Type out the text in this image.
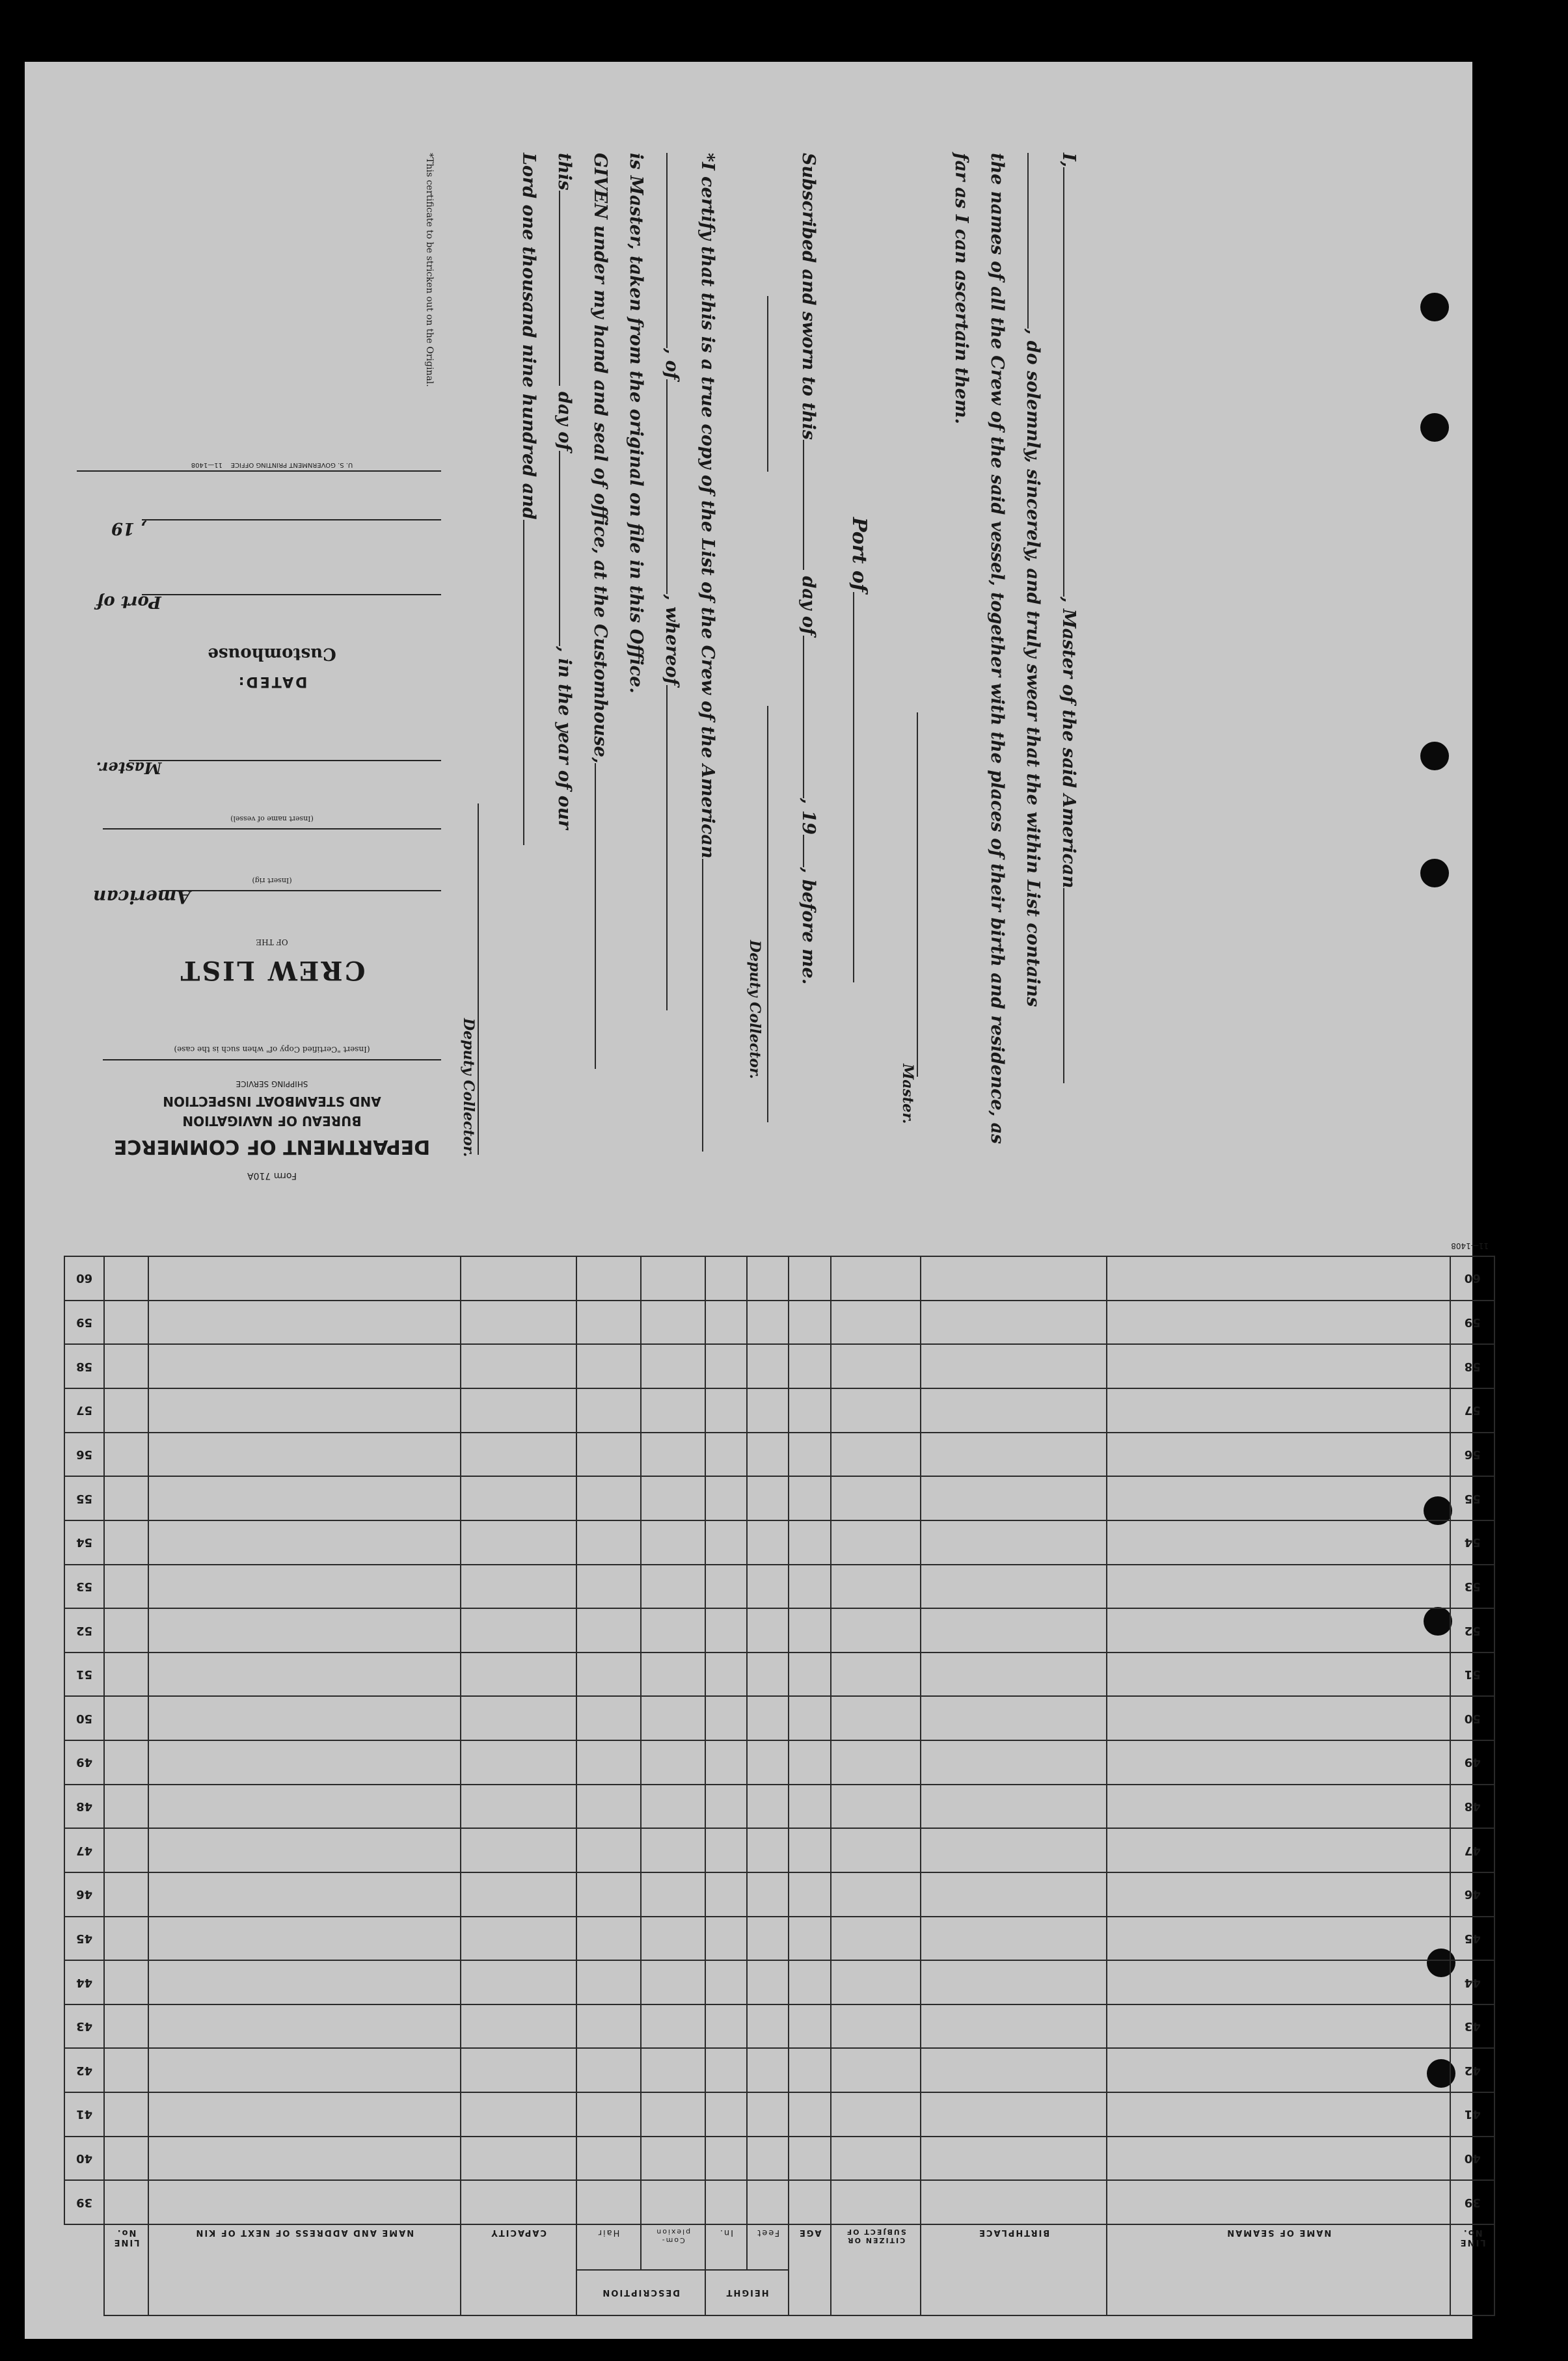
I,, Master of the said American
, do solemnly, sincerely, and truly swear that the within List contains
the names of all the Crew of the said vessel, together with the places of their birth and residence, as
far as I can ascertain them.
Master.
Port of
Subscribed and sworn to this day of, 19, before me.
Deputy Collector.
*I certify that this is a true copy of the List of the Crew of the American
, of, whereof
is Master, taken from the original on file in this Office.
GIVEN under my hand and seal of office, at the Customhouse,
this day of, in the year of our
Lord one thousand nine hundred and
Deputy Collector.
*This certificate to be stricken out on the Original.
Form 710A
DEPARTMENT OF COMMERCE
BUREAU OF NAVIGATION
AND STEAMBOAT INSPECTION
SHIPPING SERVICE
(Insert "Certified Copy of" when such is the case)
CREW LIST
OF THE
American
(Insert rig)
(Insert name of vessel)
Master.
DATED:
Customhouse
Port of
, 19
U. S. GOVERNMENT PRINTING OFFICE    11—1408
LINE No.	NAME OF SEAMAN	BIRTHPLACE	CITIZEN OR SUBJECT OF	AGE	HEIGHT		DESCRIPTION		CAPACITY	NAME AND ADDRESS OF NEXT OF KIN	LINE No.	
					Feet	In.	Com-plexion	Hair				
39												39
40												40
41												41
42												42
43												43
44												44
45												45
46												46
47												47
48												48
49												49
50												50
51												51
52												52
53												53
54												54
55												55
56												56
57												57
58												58
59												59
60												60
11—1408
